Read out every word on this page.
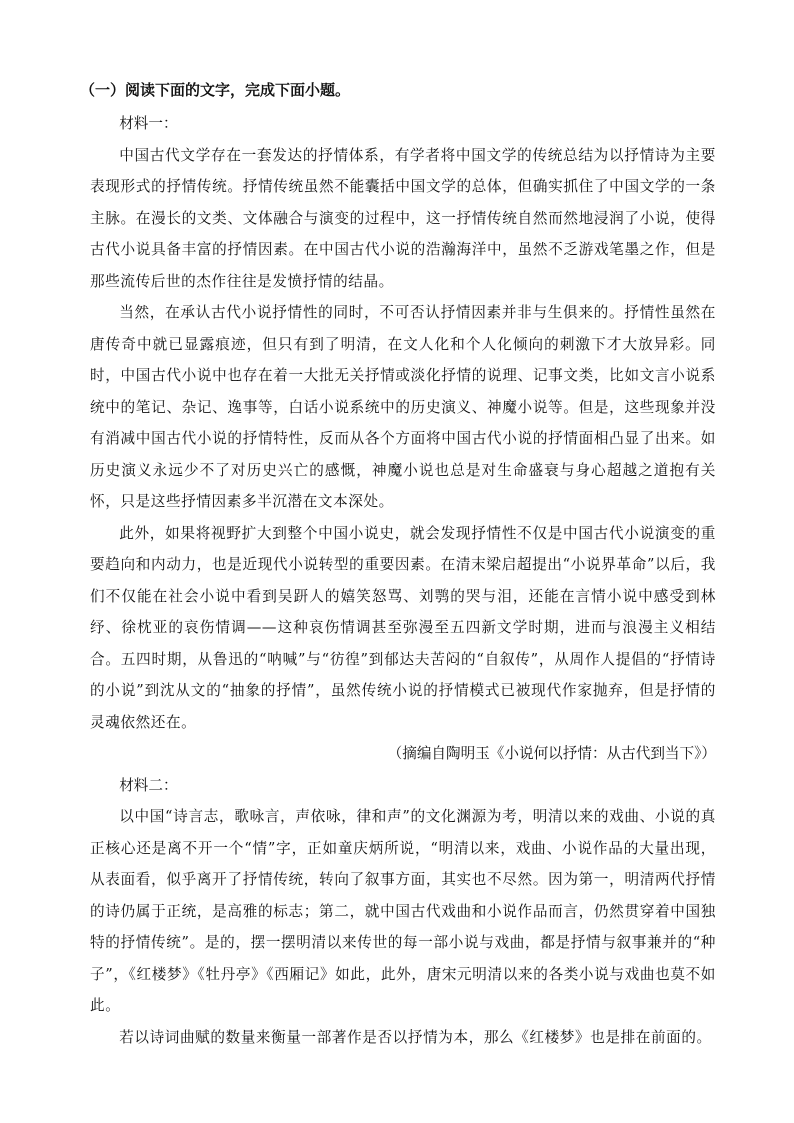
（一）阅读下面的文字，完成下面小题。

材料一：

中国古代文学存在一套发达的抒情体系，有学者将中国文学的传统总结为以抒情诗为主要表现形式的抒情传统。抒情传统虽然不能囊括中国文学的总体，但确实抓住了中国文学的一条主脉。在漫长的文类、文体融合与演变的过程中，这一抒情传统自然而然地浸润了小说，使得古代小说具备丰富的抒情因素。在中国古代小说的浩瀚海洋中，虽然不乏游戏笔墨之作，但是那些流传后世的杰作往往是发愤抒情的结晶。

当然，在承认古代小说抒情性的同时，不可否认抒情因素并非与生俱来的。抒情性虽然在唐传奇中就已显露痕迹，但只有到了明清，在文人化和个人化倾向的刺激下才大放异彩。同时，中国古代小说中也存在着一大批无关抒情或淡化抒情的说理、记事文类，比如文言小说系统中的笔记、杂记、逸事等，白话小说系统中的历史演义、神魔小说等。但是，这些现象并没有消减中国古代小说的抒情特性，反而从各个方面将中国古代小说的抒情面相凸显了出来。如历史演义永远少不了对历史兴亡的感慨，神魔小说也总是对生命盛衰与身心超越之道抱有关怀，只是这些抒情因素多半沉潜在文本深处。

此外，如果将视野扩大到整个中国小说史，就会发现抒情性不仅是中国古代小说演变的重要趋向和内动力，也是近现代小说转型的重要因素。在清末梁启超提出“小说界革命”以后，我们不仅能在社会小说中看到吴趼人的嬉笑怒骂、刘鹗的哭与泪，还能在言情小说中感受到林纾、徐枕亚的哀伤情调——这种哀伤情调甚至弥漫至五四新文学时期，进而与浪漫主义相结合。五四时期，从鲁迅的“呐喊”与“彷徨”到郁达夫苦闷的“自叙传”，从周作人提倡的“抒情诗的小说”到沈从文的“抽象的抒情”，虽然传统小说的抒情模式已被现代作家抛弃，但是抒情的灵魂依然还在。

（摘编自陶明玉《小说何以抒情：从古代到当下》）

材料二：

以中国“诗言志，歌咏言，声依咏，律和声”的文化渊源为考，明清以来的戏曲、小说的真正核心还是离不开一个“情”字，正如童庆炳所说，“明清以来，戏曲、小说作品的大量出现，从表面看，似乎离开了抒情传统，转向了叙事方面，其实也不尽然。因为第一，明清两代抒情的诗仍属于正统，是高雅的标志；第二，就中国古代戏曲和小说作品而言，仍然贯穿着中国独特的抒情传统”。是的，摆一摆明清以来传世的每一部小说与戏曲，都是抒情与叙事兼并的“种子”，《红楼梦》《牡丹亭》《西厢记》如此，此外，唐宋元明清以来的各类小说与戏曲也莫不如此。

若以诗词曲赋的数量来衡量一部著作是否以抒情为本，那么《红楼梦》也是排在前面的。
